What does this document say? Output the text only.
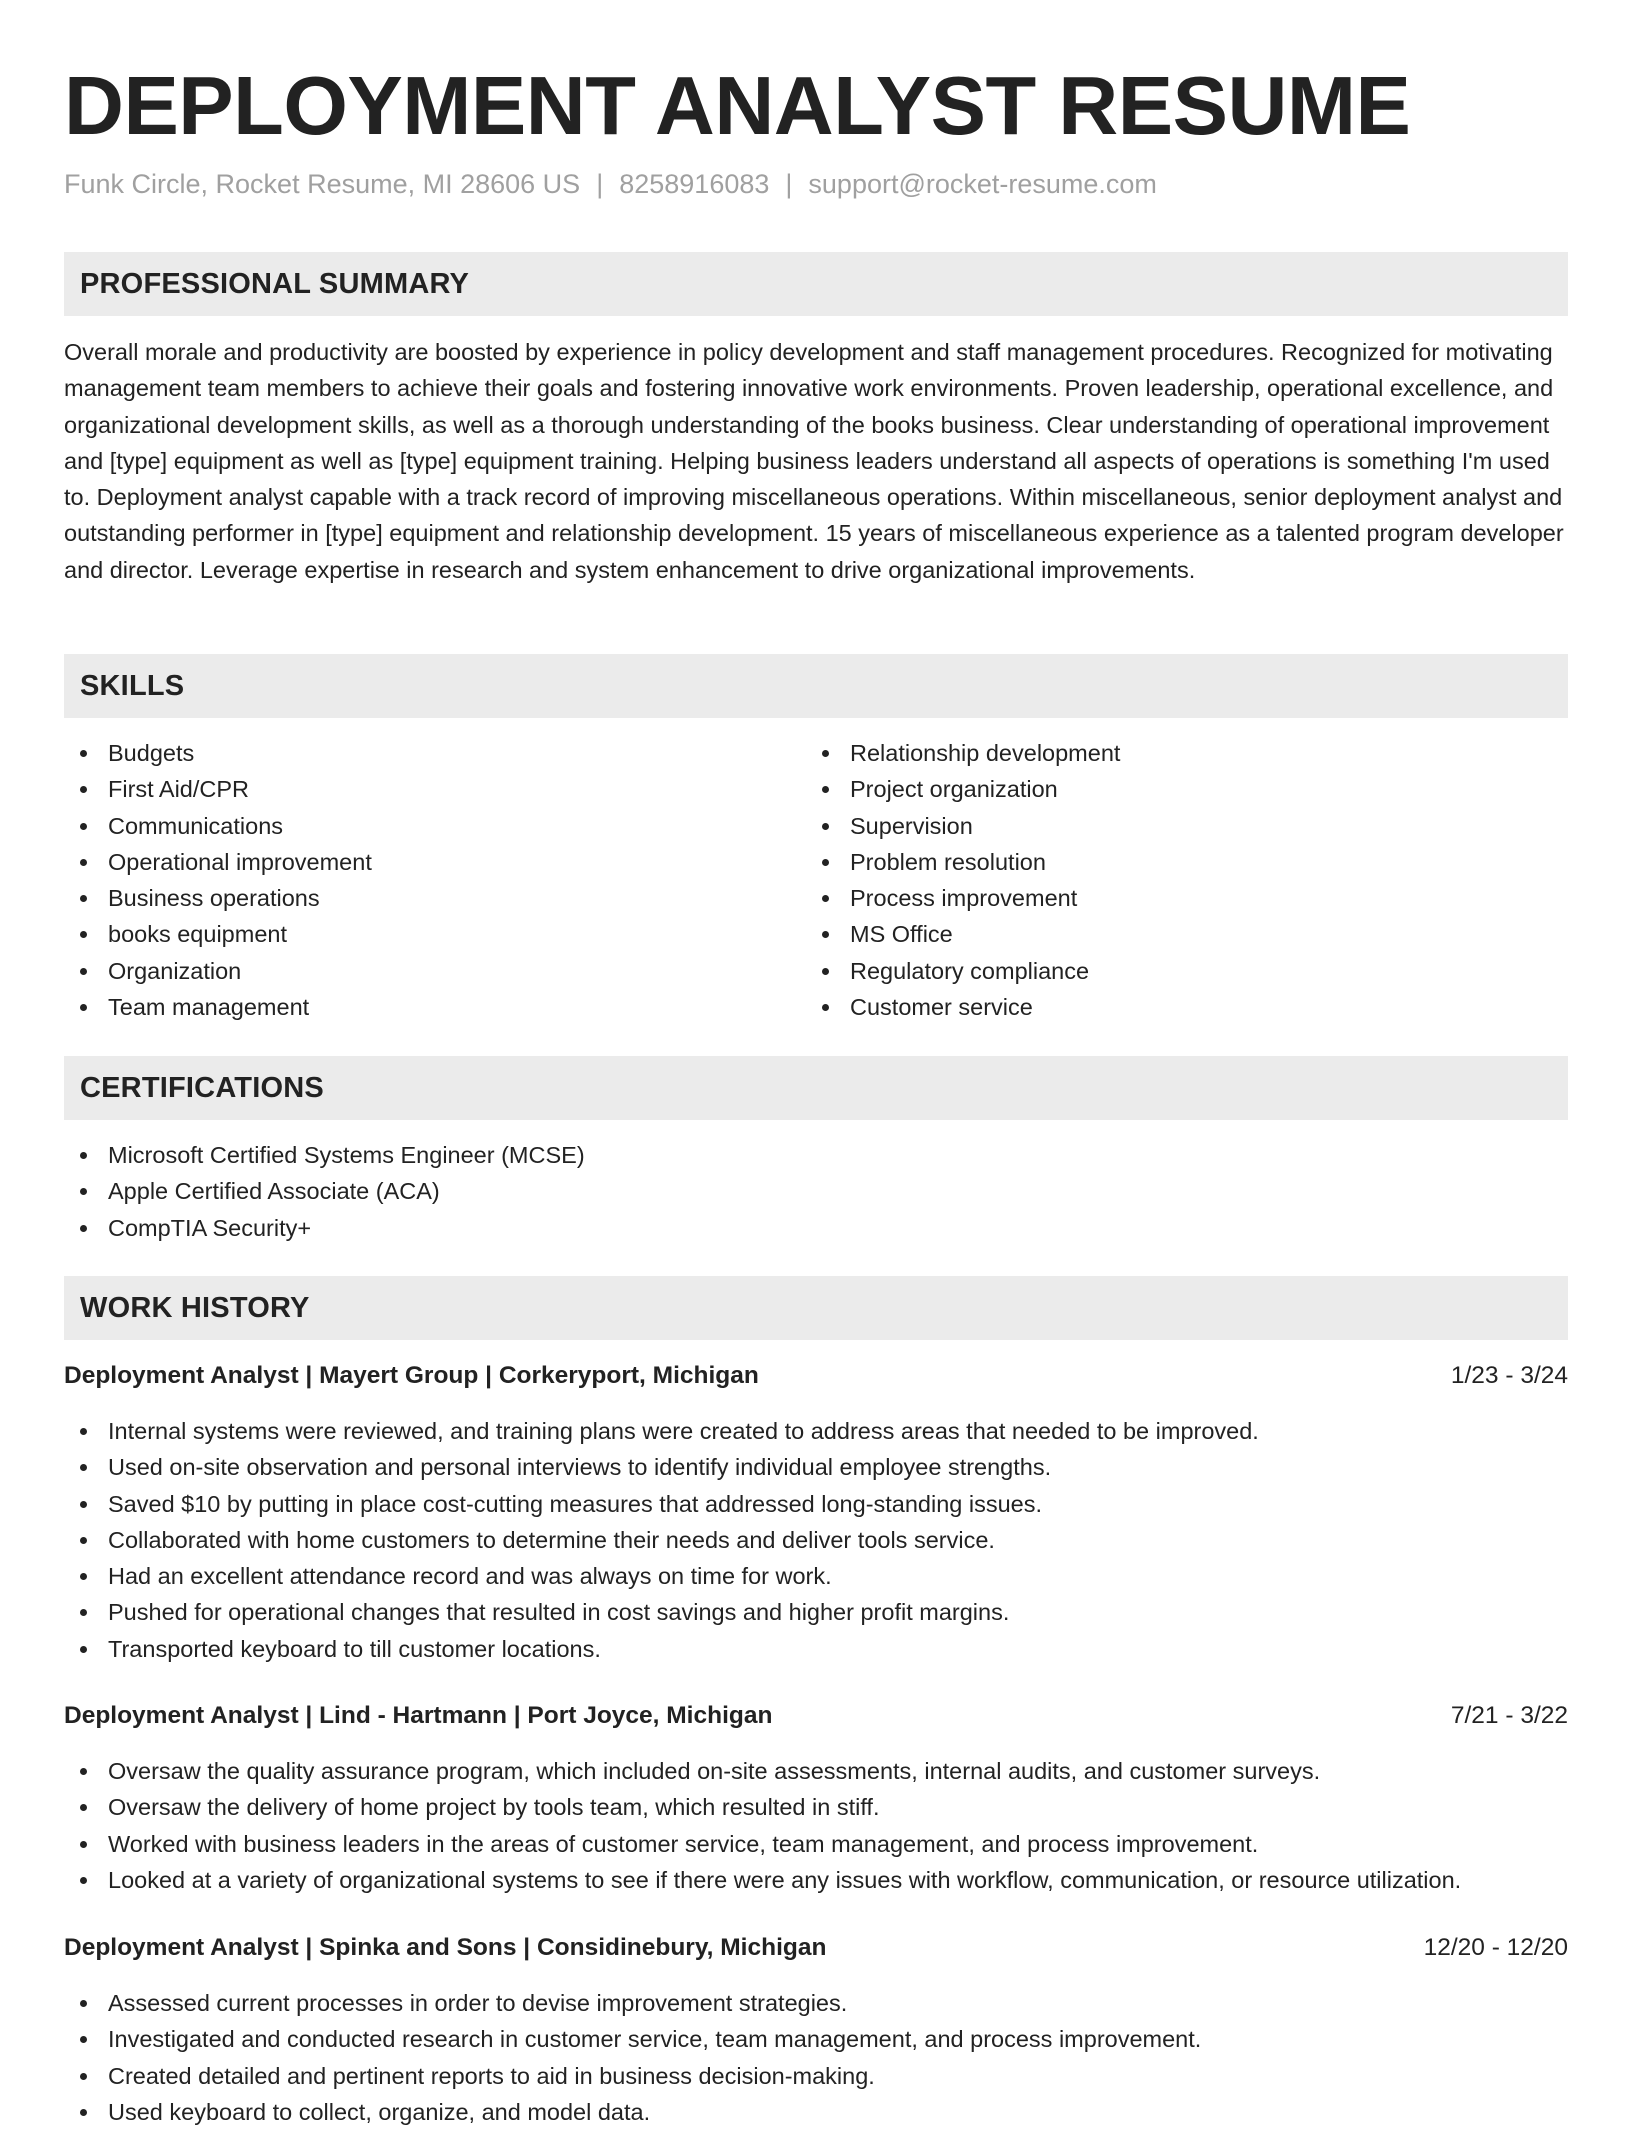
DEPLOYMENT ANALYST RESUME
Funk Circle, Rocket Resume, MI 28606 US | 8258916083 | support@rocket-resume.com
PROFESSIONAL SUMMARY

Overall morale and productivity are boosted by experience in policy development and staff management procedures. Recognized for motivating management team members to achieve their goals and fostering innovative work environments. Proven leadership, operational excellence, and organizational development skills, as well as a thorough understanding of the books business. Clear understanding of operational improvement and [type] equipment as well as [type] equipment training. Helping business leaders understand all aspects of operations is something I'm used to. Deployment analyst capable with a track record of improving miscellaneous operations. Within miscellaneous, senior deployment analyst and outstanding performer in [type] equipment and relationship development. 15 years of miscellaneous experience as a talented program developer and director. Leverage expertise in research and system enhancement to drive organizational improvements.

SKILLS
Budgets
First Aid/CPR
Communications
Operational improvement
Business operations
books equipment
Organization
Team management
Relationship development
Project organization
Supervision
Problem resolution
Process improvement
MS Office
Regulatory compliance
Customer service
CERTIFICATIONS
Microsoft Certified Systems Engineer (MCSE)
Apple Certified Associate (ACA)
CompTIA Security+
WORK HISTORY
Deployment Analyst | Mayert Group | Corkeryport, Michigan	1/23 - 3/24
Internal systems were reviewed, and training plans were created to address areas that needed to be improved.
Used on-site observation and personal interviews to identify individual employee strengths.
Saved $10 by putting in place cost-cutting measures that addressed long-standing issues.
Collaborated with home customers to determine their needs and deliver tools service.
Had an excellent attendance record and was always on time for work.
Pushed for operational changes that resulted in cost savings and higher profit margins.
Transported keyboard to till customer locations.
Deployment Analyst | Lind - Hartmann | Port Joyce, Michigan	7/21 - 3/22
Oversaw the quality assurance program, which included on-site assessments, internal audits, and customer surveys.
Oversaw the delivery of home project by tools team, which resulted in stiff.
Worked with business leaders in the areas of customer service, team management, and process improvement.
Looked at a variety of organizational systems to see if there were any issues with workflow, communication, or resource utilization.
Deployment Analyst | Spinka and Sons | Considinebury, Michigan	12/20 - 12/20
Assessed current processes in order to devise improvement strategies.
Investigated and conducted research in customer service, team management, and process improvement.
Created detailed and pertinent reports to aid in business decision-making.
Used keyboard to collect, organize, and model data.
